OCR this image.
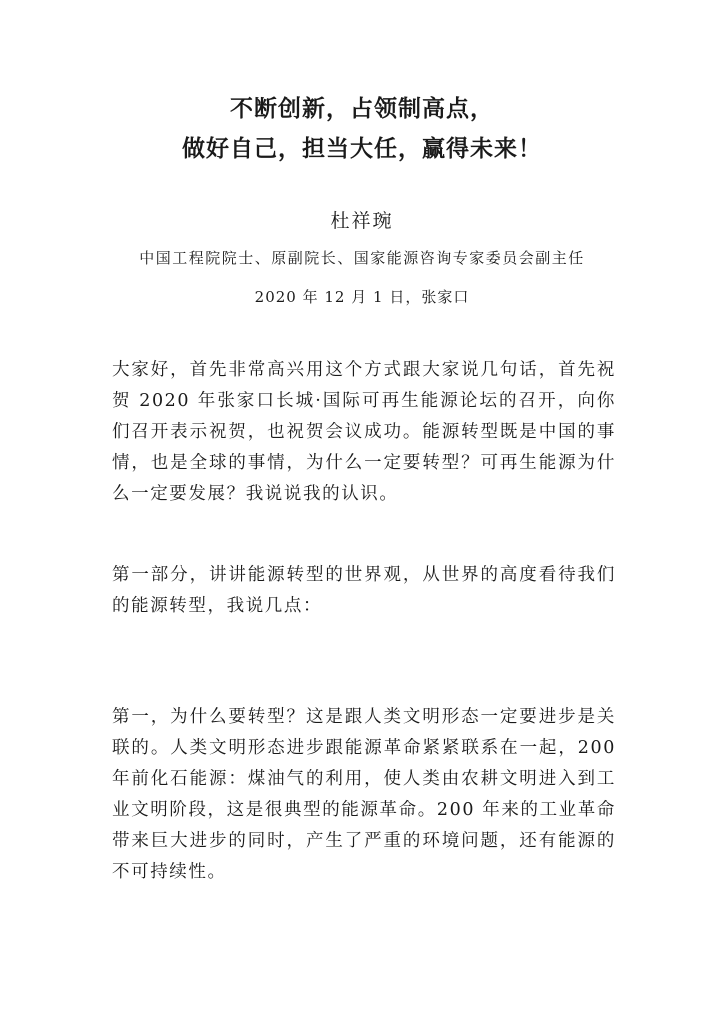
不断创新，占领制高点，
做好自己，担当大任，赢得未来！
杜祥琬
中国工程院院士、原副院长、国家能源咨询专家委员会副主任
2020 年 12 月 1 日，张家口
大家好，首先非常高兴用这个方式跟大家说几句话，首先祝贺 2020 年张家口长城·国际可再生能源论坛的召开，向你们召开表示祝贺，也祝贺会议成功。能源转型既是中国的事情，也是全球的事情，为什么一定要转型？可再生能源为什么一定要发展？我说说我的认识。
第一部分，讲讲能源转型的世界观，从世界的高度看待我们的能源转型，我说几点：
第一，为什么要转型？这是跟人类文明形态一定要进步是关联的。人类文明形态进步跟能源革命紧紧联系在一起，200 年前化石能源：煤油气的利用，使人类由农耕文明进入到工业文明阶段，这是很典型的能源革命。200 年来的工业革命带来巨大进步的同时，产生了严重的环境问题，还有能源的不可持续性。
